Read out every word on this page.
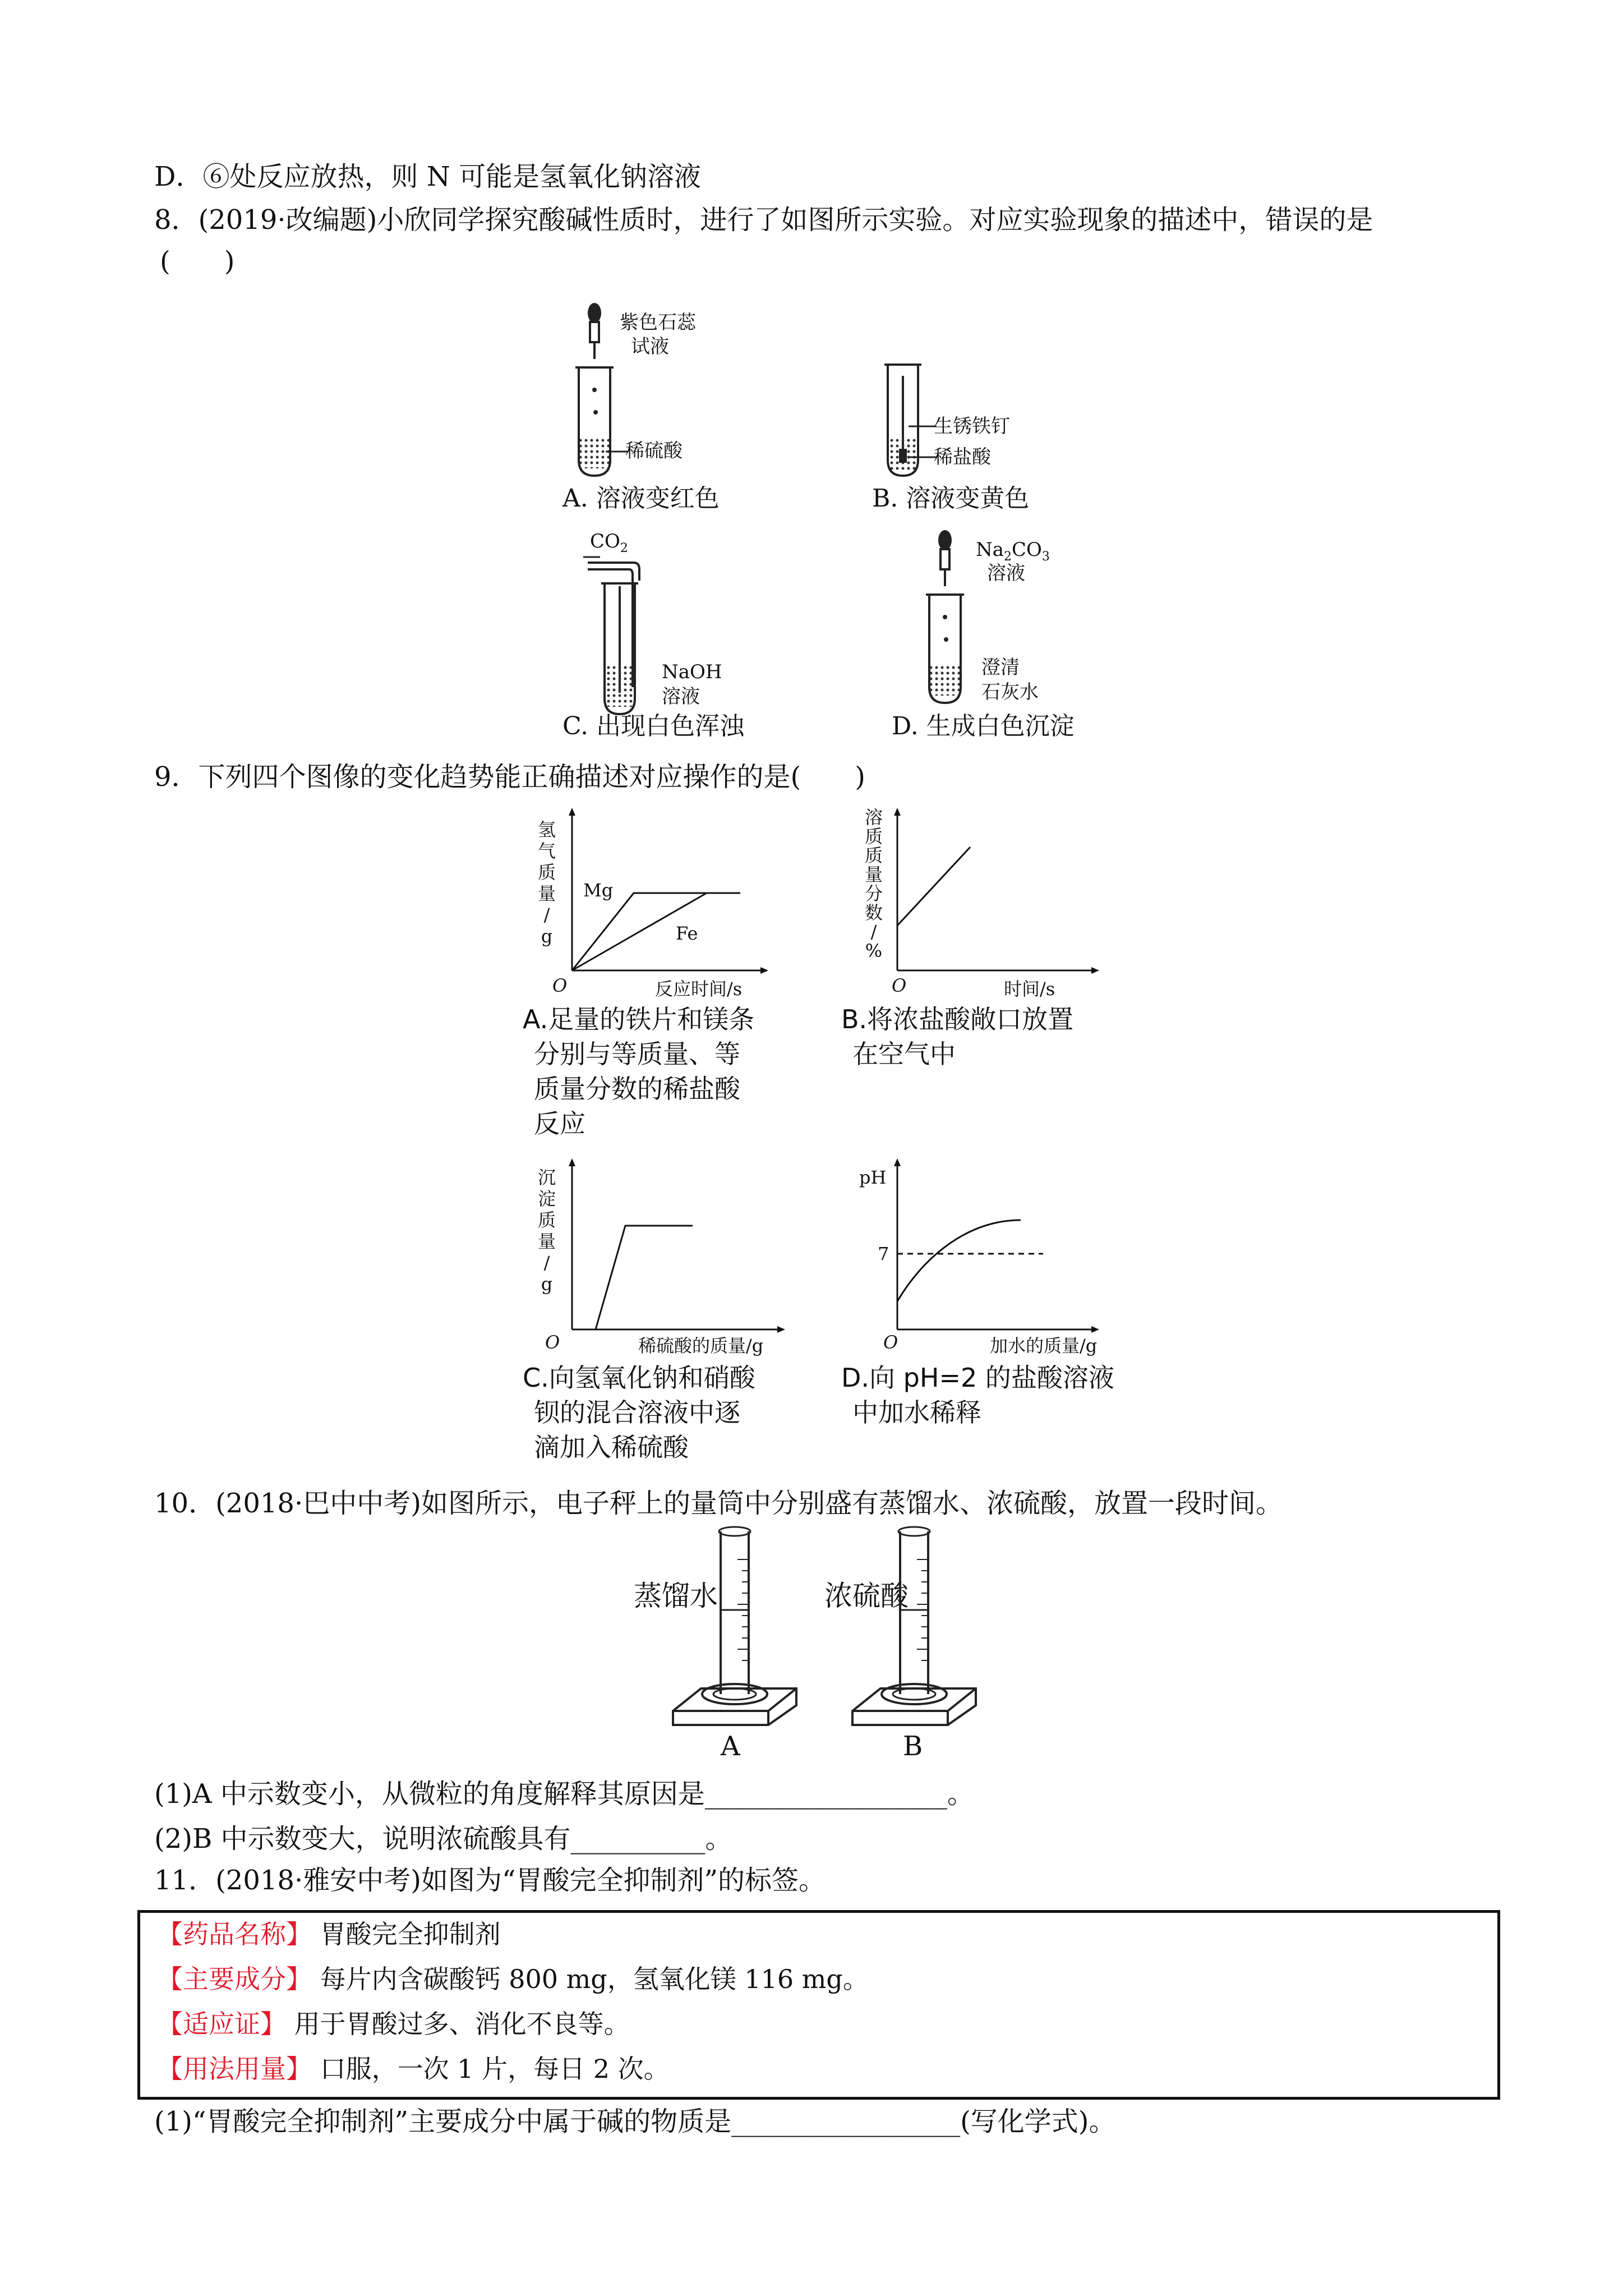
D．⑥处反应放热，则 N 可能是氢氧化钠溶液
8．(2019·改编题)小欣同学探究酸碱性质时，进行了如图所示实验。对应实验现象的描述中，错误的是
(　　)
紫色石蕊
试液
稀硫酸
A. 溶液变红色
生锈铁钉
稀盐酸
B. 溶液变黄色
$CO_2$
NaOH
溶液
C. 出现白色浑浊
$Na_2CO_3$
溶液
澄清
石灰水
D. 生成白色沉淀
9．下列四个图像的变化趋势能正确描述对应操作的是(　　)
氢
气
质
量
/
g
Mg
Fe
O	反应时间/s
A.足量的铁片和镁条
分别与等质量、等
质量分数的稀盐酸
反应
溶
质
质
量
分
数
/
%
O	时间/s
B.将浓盐酸敞口放置
在空气中
沉
淀
质
量
/
g
O	稀硫酸的质量/g
C.向氢氧化钠和硝酸
钡的混合溶液中逐
滴加入稀硫酸
pH
7
O	加水的质量/g
D.向 pH=2 的盐酸溶液
中加水稀释
10．(2018·巴中中考)如图所示，电子秤上的量筒中分别盛有蒸馏水、浓硫酸，放置一段时间。
蒸馏水	浓硫酸
A	B
(1)A 中示数变小，从微粒的角度解释其原因是__________________。
(2)B 中示数变大，说明浓硫酸具有__________。
11．(2018·雅安中考)如图为“胃酸完全抑制剂”的标签。
【药品名称】 胃酸完全抑制剂
【主要成分】 每片内含碳酸钙 800 mg，氢氧化镁 116 mg。
【适应证】 用于胃酸过多、消化不良等。
【用法用量】 口服，一次 1 片，每日 2 次。
(1)“胃酸完全抑制剂”主要成分中属于碱的物质是_________________(写化学式)。
